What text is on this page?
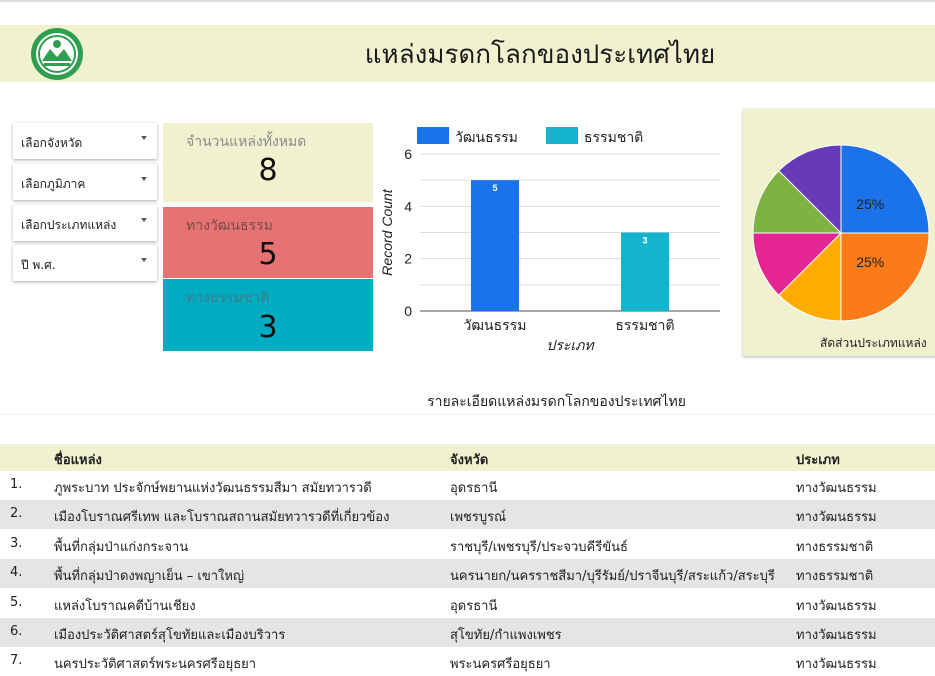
แหล่งมรดกโลกของประเทศไทย
เลือกจังหวัด
เลือกภูมิภาค
เลือกประเภทแหล่ง
ปี พ.ศ.
จำนวนแหล่งทั้งหมด
8
ทางวัฒนธรรม
5
ทางธรรมชาติ
3
วัฒนธรรม	ธรรมชาติ
0
2
4
6
5
วัฒนธรรม
3
ธรรมชาติ
ประเภท
Record Count	25%
25%
สัดส่วนประเภทแหล่ง
รายละเอียดแหล่งมรดกโลกของประเทศไทย
ชื่อแหล่ง	จังหวัด	ประเภท
1. ภูพระบาท ประจักษ์พยานแห่งวัฒนธรรมสีมา สมัยทวารวดี	อุดรธานี	ทางวัฒนธรรม
2. เมืองโบราณศรีเทพ และโบราณสถานสมัยทวารวดีที่เกี่ยวข้อง	เพชรบูรณ์	ทางวัฒนธรรม
3. พื้นที่กลุ่มป่าแก่งกระจาน	ราชบุรี/เพชรบุรี/ประจวบคีรีขันธ์	ทางธรรมชาติ
4. พื้นที่กลุ่มป่าดงพญาเย็น – เขาใหญ่	นครนายก/นครราชสีมา/บุรีรัมย์/ปราจีนบุรี/สระแก้ว/สระบุรี ทางธรรมชาติ
5. แหล่งโบราณคดีบ้านเชียง	อุดรธานี	ทางวัฒนธรรม
6. เมืองประวัติศาสตร์สุโขทัยและเมืองบริวาร	สุโขทัย/กำแพงเพชร	ทางวัฒนธรรม
7. นครประวัติศาสตร์พระนครศรีอยุธยา	พระนครศรีอยุธยา	ทางวัฒนธรรม
